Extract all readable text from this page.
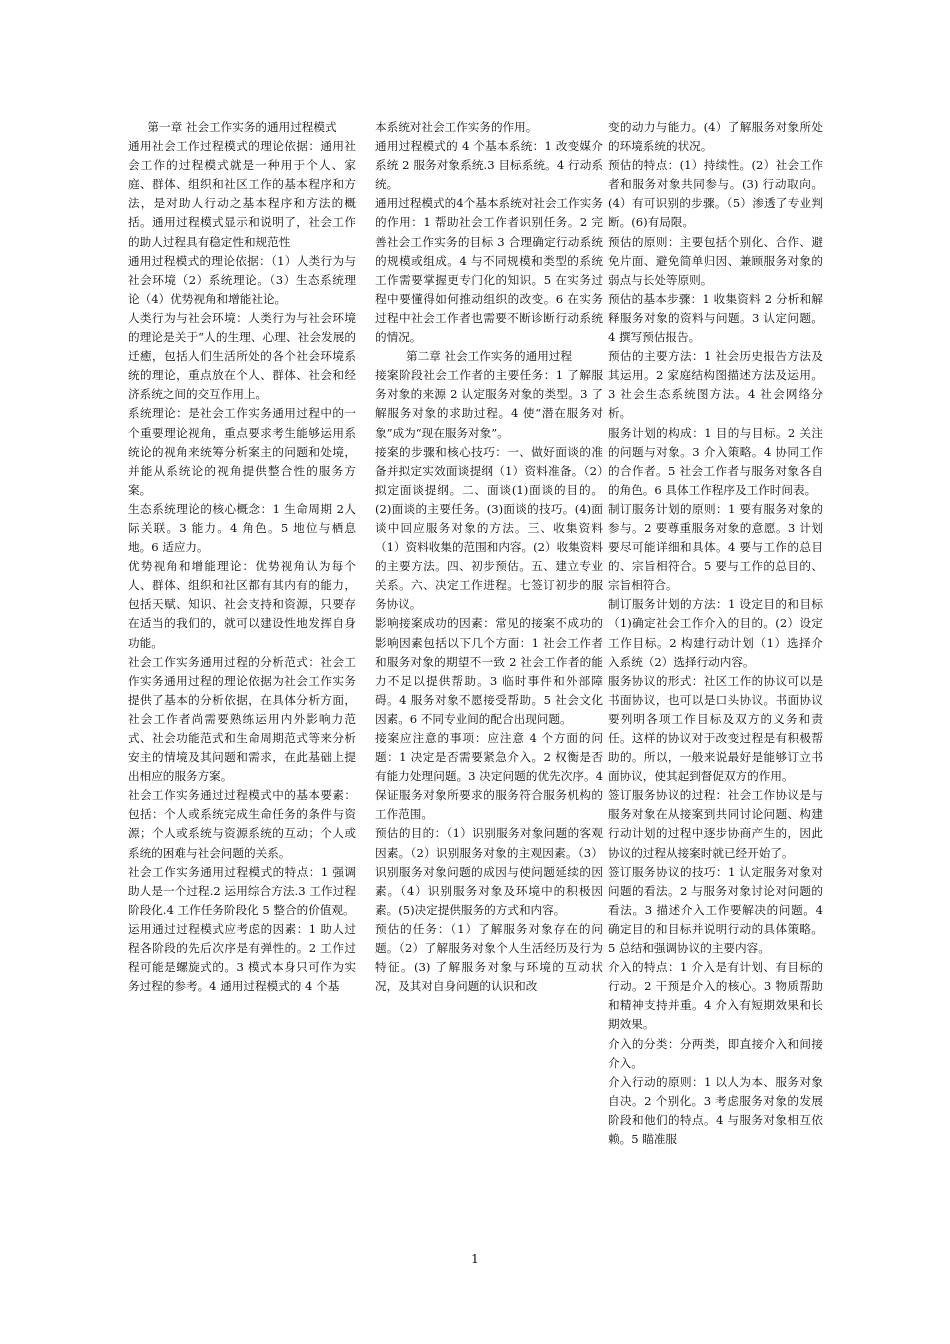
第一章 社会工作实务的通用过程模式

通用社会工作过程模式的理论依据：通用社会工作的过程模式就是一种用于个人、家庭、群体、组织和社区工作的基本程序和方法，是对助人行动之基本程序和方法的概括。通用过程模式显示和说明了，社会工作的助人过程具有稳定性和规范性

通用过程模式的理论依据：（1）人类行为与社会环境（2）系统理论。（3）生态系统理论（4）优势视角和增能社论。

人类行为与社会环境：人类行为与社会环境的理论是关于“人的生理、心理、社会发展的迁癒，包括人们生活所处的各个社会环境系统的理论，重点放在个人、群体、社会和经济系统之间的交互作用上。

系统理论：是社会工作实务通用过程中的一个重要理论视角，重点要求考生能够运用系统论的视角来统筹分析案主的问题和处境，并能从系统论的视角提供整合性的服务方案。

生态系统理论的核心概念：1 生命周期 2人际关联。3 能力。4 角色。5 地位与栖息地。6 适应力。

优势视角和增能理论：优势视角认为每个人、群体、组织和社区都有其内有的能力，包括天赋、知识、社会支持和资源，只要存在适当的我们的，就可以建设性地发挥自身功能。

社会工作实务通用过程的分析范式：社会工作实务通用过程的理论依据为社会工作实务提供了基本的分析依据，在具体分析方面，社会工作者尚需要熟练运用内外影响力范式、社会功能范式和生命周期范式等来分析安主的情境及其问题和需求，在此基础上提出相应的服务方案。

社会工作实务通过过程模式中的基本要素：包括：个人或系统完成生命任务的条件与资源；个人或系统与资源系统的互动；个人或系统的困难与社会问题的关系。

社会工作实务通用过程模式的特点：1 强调助人是一个过程.2 运用综合方法.3 工作过程阶段化.4 工作任务阶段化 5 整合的价值观。

运用通过过程模式应考虑的因素：1 助人过程各阶段的先后次序是有弹性的。2 工作过程可能是螺旋式的。3 模式本身只可作为实务过程的参考。4 通用过程模式的 4 个基

本系统对社会工作实务的作用。

通用过程模式的 4 个基本系统：1 改变媒介系统 2 服务对象系统.3 目标系统。4 行动系统。

通用过程模式的4个基本系统对社会工作实务的作用：1 帮助社会工作者识别任务。2 完善社会工作实务的目标 3 合理确定行动系统的规模或组成。4 与不同规模和类型的系统工作需要掌握更专门化的知识。5 在实务过程中要懂得如何推动组织的改变。6 在实务过程中社会工作者也需要不断诊断行动系统的情况。

第二章 社会工作实务的通用过程

接案阶段社会工作者的主要任务：1 了解服务对象的来源 2 认定服务对象的类型。3 了解服务对象的求助过程。4 使“潜在服务对象”成为“现在服务对象”。

接案的步骤和核心技巧：一、做好面谈的准备并拟定实效面谈提纲（1）资料准备。（2）拟定面谈提纲。二、面谈(1)面谈的目的。(2)面谈的主要任务。(3)面谈的技巧。(4)面谈中回应服务对象的方法。三、收集资料（1）资料收集的范围和内容。(2）收集资料的主要方法。四、初步预估。五、建立专业关系。六、决定工作进程。七签订初步的服务协议。

影响接案成功的因素：常见的接案不成功的影响因素包括以下几个方面：1 社会工作者和服务对象的期望不一致 2 社会工作者的能力不足以提供帮助。3 临时事件和外部障碍。4 服务对象不愿接受帮助。5 社会文化因素。6 不同专业间的配合出现问题。

接案应注意的事项：应注意 4 个方面的问题：1 决定是否需要紧急介入。2 权衡是否有能力处理问题。3 决定问题的优先次序。4 保证服务对象所要求的服务符合服务机构的工作范围。

预估的目的：（1）识别服务对象问题的客观因素。（2）识别服务对象的主观因素。（3）识别服务对象问题的成因与使问题延续的因素。（4）识别服务对象及环境中的积极因素。(5)决定提供服务的方式和内容。

预估的任务：（1）了解服务对象存在的问题。（2）了解服务对象个人生活经历及行为特征。(3) 了解服务对象与环境的互动状况，及其对自身问题的认识和改

变的动力与能力。(4）了解服务对象所处的环境系统的状况。

预估的特点：(1）持续性。(2）社会工作者和服务对象共同参与。(3) 行动取向。(4）有可识别的步骤。（5）渗透了专业判断。(6)有局限。

预估的原则：主要包括个别化、合作、避免片面、避免简单归因、兼顾服务对象的弱点与长处等原则。

预估的基本步骤：1 收集资料 2 分析和解释服务对象的资料与问题。3 认定问题。4 撰写预估报告。

预估的主要方法：1 社会历史报告方法及其运用。2 家庭结构图描述方法及运用。3 社会生态系统图方法。4 社会网络分析。

服务计划的构成：1 目的与目标。2 关注的问题与对象。3 介入策略。4 协同工作的合作者。5 社会工作者与服务对象各自的角色。6 具体工作程序及工作时间表。

制订服务计划的原则：1 要有服务对象的参与。2 要尊重服务对象的意愿。3 计划要尽可能详细和具体。4 要与工作的总目的、宗旨相符合。5 要与工作的总目的、宗旨相符合。

制订服务计划的方法：1 设定目的和目标（1)确定社会工作介入的目的。(2）设定工作目标。2 构建行动计划（1）选择介入系统（2）选择行动内容。

服务协议的形式：社区工作的协议可以是书面协议，也可以是口头协议。书面协议要列明各项工作目标及双方的义务和责任。这样的协议对于改变过程是有积极帮助的。所以，一般来说最好是能够订立书面协议，使其起到督促双方的作用。

签订服务协议的过程：社会工作协议是与服务对象在从接案到共同讨论问题、构建行动计划的过程中逐步协商产生的，因此协议的过程从接案时就已经开始了。

签订服务协议的技巧：1 认定服务对象对问题的看法。2 与服务对象讨论对问题的看法。3 描述介入工作要解决的问题。4 确定目的和目标并说明行动的具体策略。5 总结和强调协议的主要内容。

介入的特点：1 介入是有计划、有目标的行动。2 干预是介入的核心。3 物质帮助和精神支持并重。4 介入有短期效果和长期效果。

介入的分类：分两类，即直接介入和间接介入。

介入行动的原则：1 以人为本、服务对象自决。2 个别化。3 考虑服务对象的发展阶段和他们的特点。4 与服务对象相互依赖。5 瞄准服

1
